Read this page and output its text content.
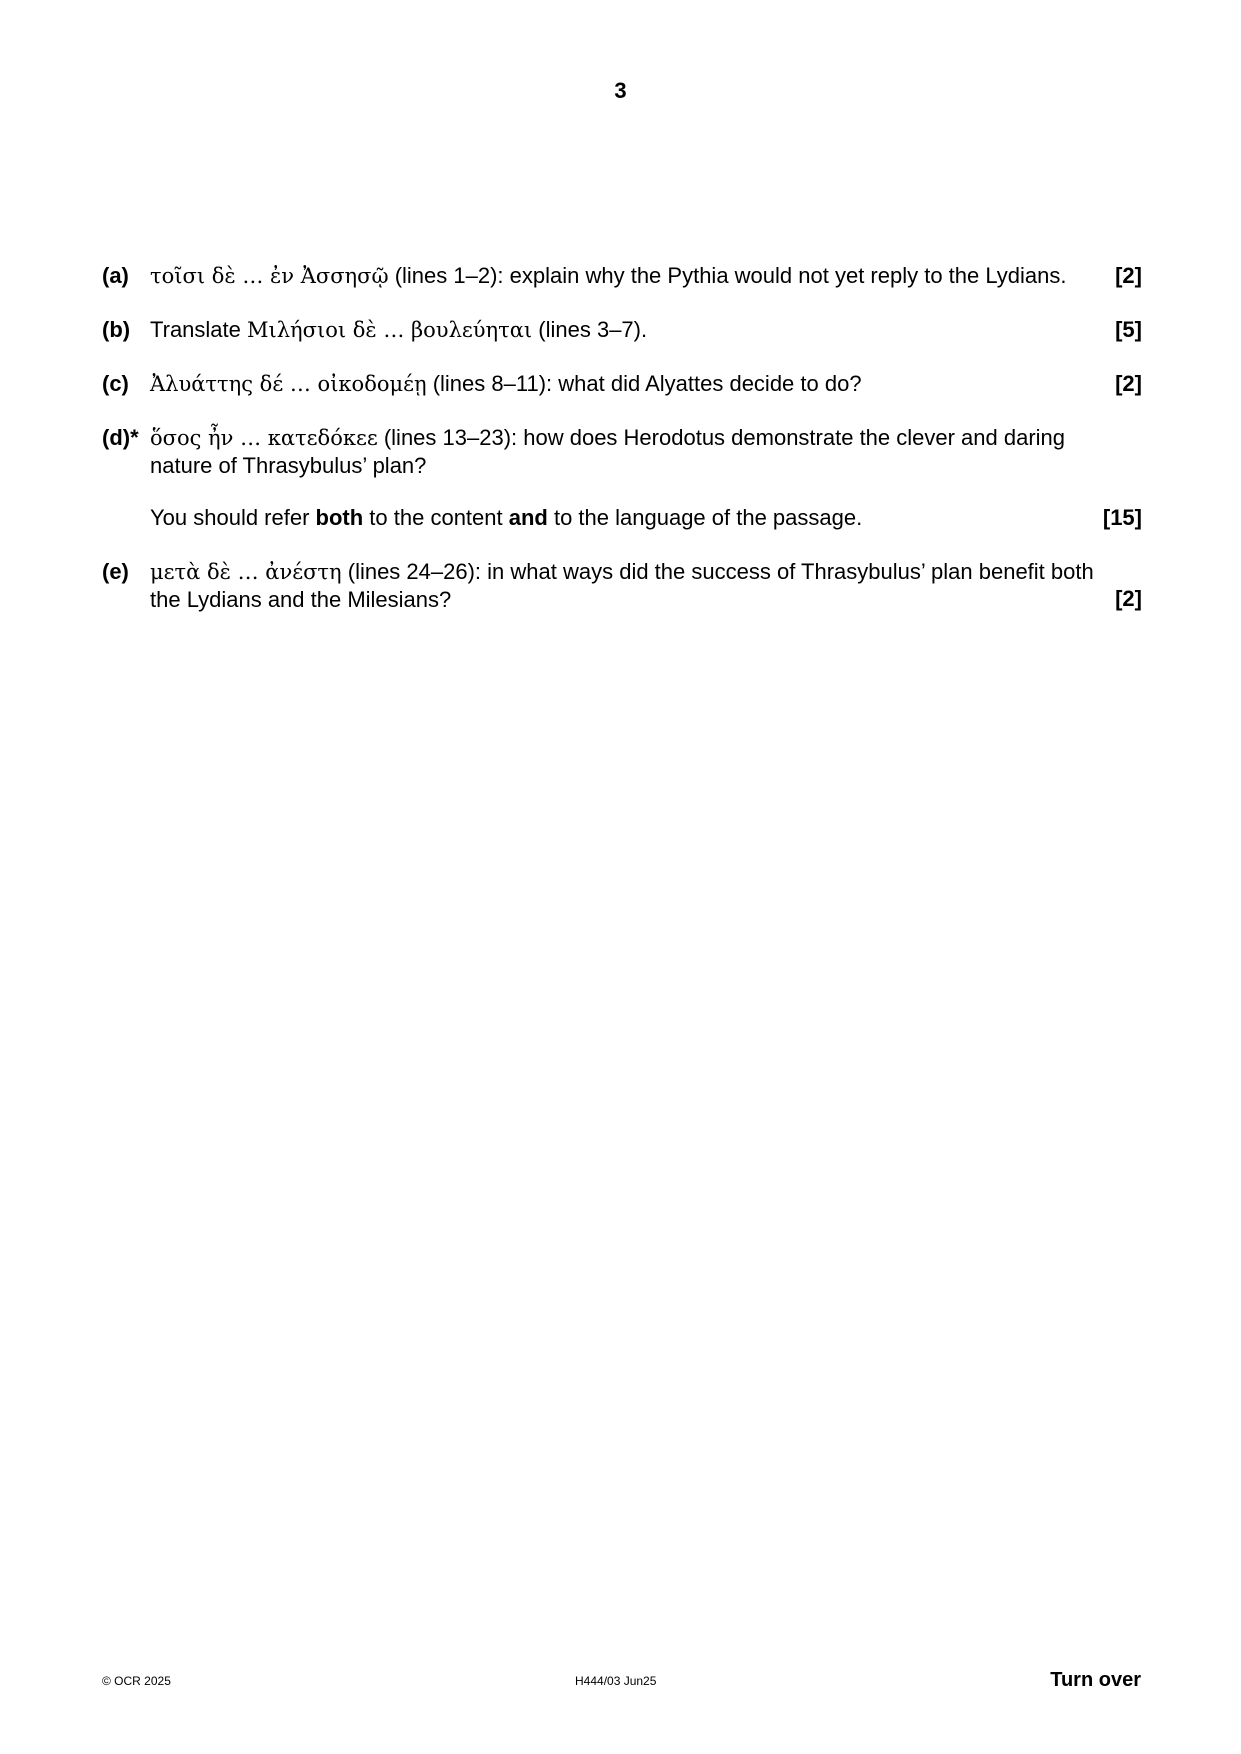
3
(a) τοῖσι δὲ … ἐν Ἀσσησῷ (lines 1–2): explain why the Pythia would not yet reply to the Lydians.	[2]
(b) Translate Μιλήσιοι δὲ … βουλεύηται (lines 3–7).	[5]
(c) Ἀλυάττης δέ … οἰκοδομέῃ (lines 8–11): what did Alyattes decide to do?	[2]
(d)* ὅσος ἦν … κατεδόκεε (lines 13–23): how does Herodotus demonstrate the clever and daring nature of Thrasybulus’ plan?
You should refer both to the content and to the language of the passage.	[15]
(e) μετὰ δὲ … ἀνέστη (lines 24–26): in what ways did the success of Thrasybulus’ plan benefit both the Lydians and the Milesians?	[2]
© OCR 2025	H444/03 Jun25	Turn over
